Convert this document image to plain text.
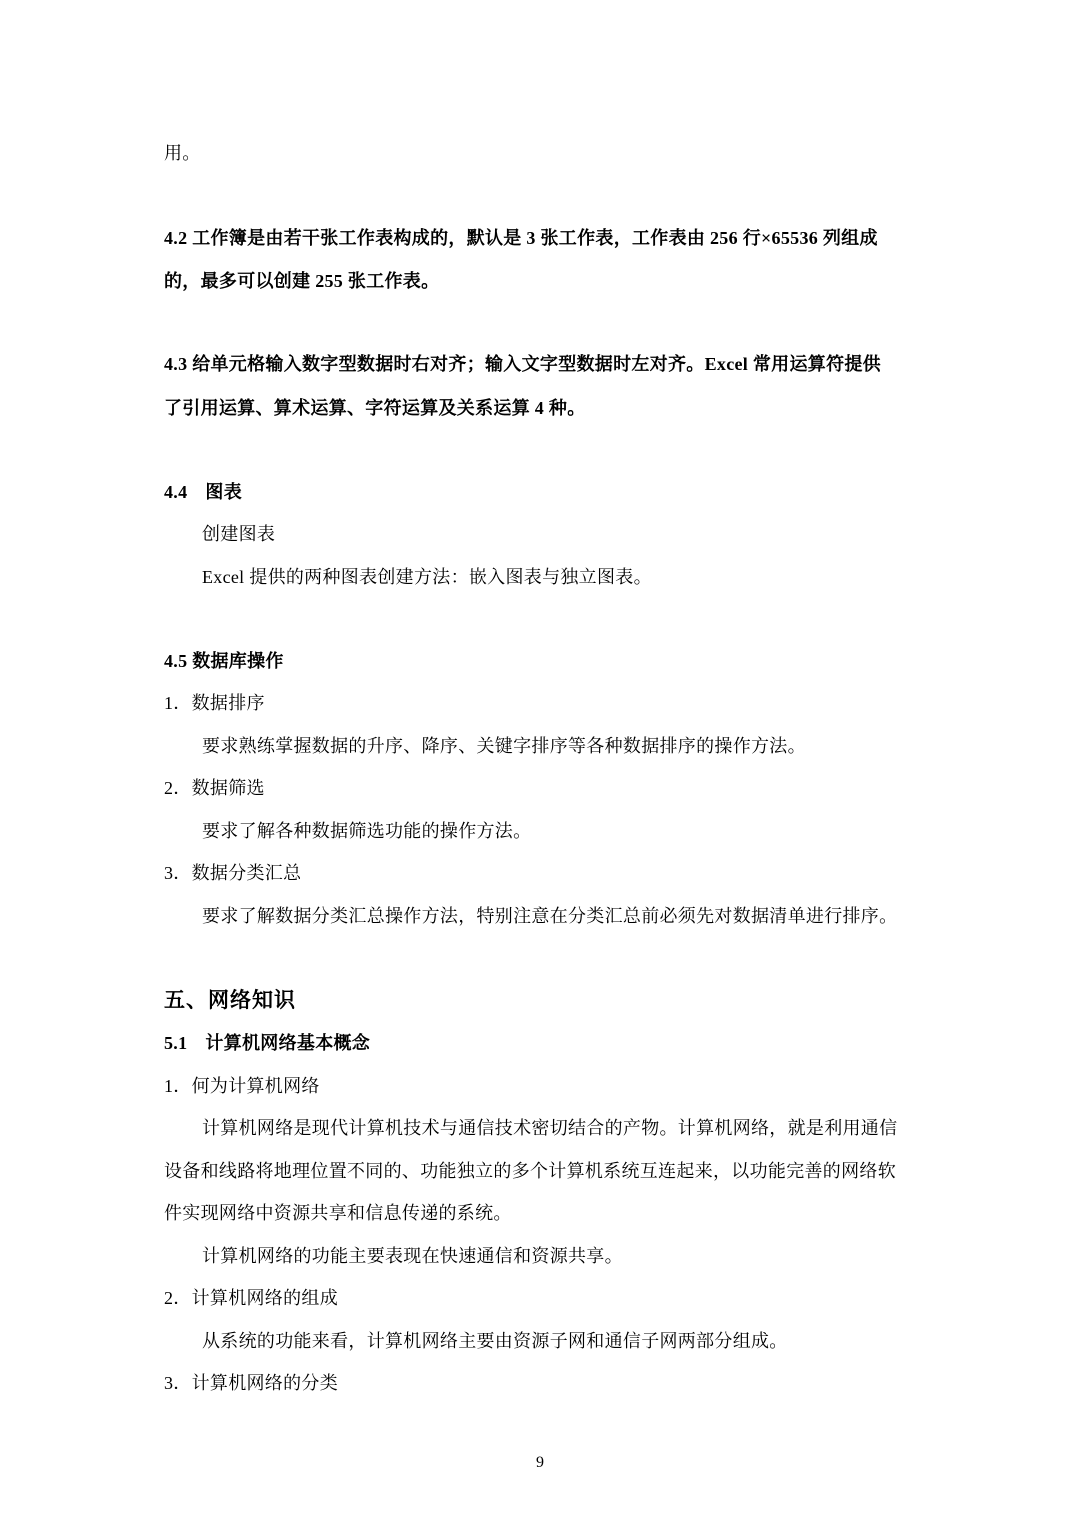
用。
4.2 工作簿是由若干张工作表构成的，默认是 3 张工作表，工作表由 256 行×65536 列组成
的，最多可以创建 255 张工作表。
4.3 给单元格输入数字型数据时右对齐；输入文字型数据时左对齐。Excel 常用运算符提供
了引用运算、算术运算、字符运算及关系运算 4 种。
4.4 图表
创建图表
Excel 提供的两种图表创建方法：嵌入图表与独立图表。
4.5 数据库操作
1．数据排序
要求熟练掌握数据的升序、降序、关键字排序等各种数据排序的操作方法。
2．数据筛选
要求了解各种数据筛选功能的操作方法。
3．数据分类汇总
要求了解数据分类汇总操作方法，特别注意在分类汇总前必须先对数据清单进行排序。
五、网络知识
5.1 计算机网络基本概念
1．何为计算机网络
计算机网络是现代计算机技术与通信技术密切结合的产物。计算机网络，就是利用通信
设备和线路将地理位置不同的、功能独立的多个计算机系统互连起来，以功能完善的网络软
件实现网络中资源共享和信息传递的系统。
计算机网络的功能主要表现在快速通信和资源共享。
2．计算机网络的组成
从系统的功能来看，计算机网络主要由资源子网和通信子网两部分组成。
3．计算机网络的分类
9
